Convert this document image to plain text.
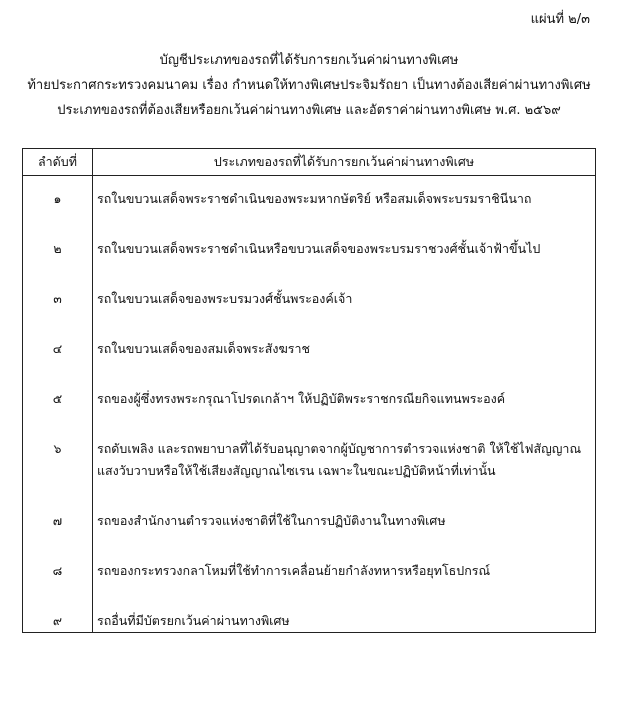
แผ่นที่ ๒/๓
บัญชีประเภทของรถที่ได้รับการยกเว้นค่าผ่านทางพิเศษ
ท้ายประกาศกระทรวงคมนาคม เรื่อง กำหนดให้ทางพิเศษประจิมรัถยา เป็นทางต้องเสียค่าผ่านทางพิเศษ
ประเภทของรถที่ต้องเสียหรือยกเว้นค่าผ่านทางพิเศษ และอัตราค่าผ่านทางพิเศษ พ.ศ. ๒๕๖๙
ลำดับที่	ประเภทของรถที่ได้รับการยกเว้นค่าผ่านทางพิเศษ
๑	รถในขบวนเสด็จพระราชดำเนินของพระมหากษัตริย์ หรือสมเด็จพระบรมราชินีนาถ
๒	รถในขบวนเสด็จพระราชดำเนินหรือขบวนเสด็จของพระบรมราชวงศ์ชั้นเจ้าฟ้าขึ้นไป
๓	รถในขบวนเสด็จของพระบรมวงศ์ชั้นพระองค์เจ้า
๔	รถในขบวนเสด็จของสมเด็จพระสังฆราช
๕	รถของผู้ซึ่งทรงพระกรุณาโปรดเกล้าฯ ให้ปฏิบัติพระราชกรณียกิจแทนพระองค์
๖	รถดับเพลิง และรถพยาบาลที่ได้รับอนุญาตจากผู้บัญชาการตำรวจแห่งชาติ ให้ใช้ไฟสัญญาณแสงวับวาบหรือให้ใช้เสียงสัญญาณไซเรน เฉพาะในขณะปฏิบัติหน้าที่เท่านั้น
๗	รถของสำนักงานตำรวจแห่งชาติที่ใช้ในการปฏิบัติงานในทางพิเศษ
๘	รถของกระทรวงกลาโหมที่ใช้ทำการเคลื่อนย้ายกำลังทหารหรือยุทโธปกรณ์
๙	รถอื่นที่มีบัตรยกเว้นค่าผ่านทางพิเศษ
